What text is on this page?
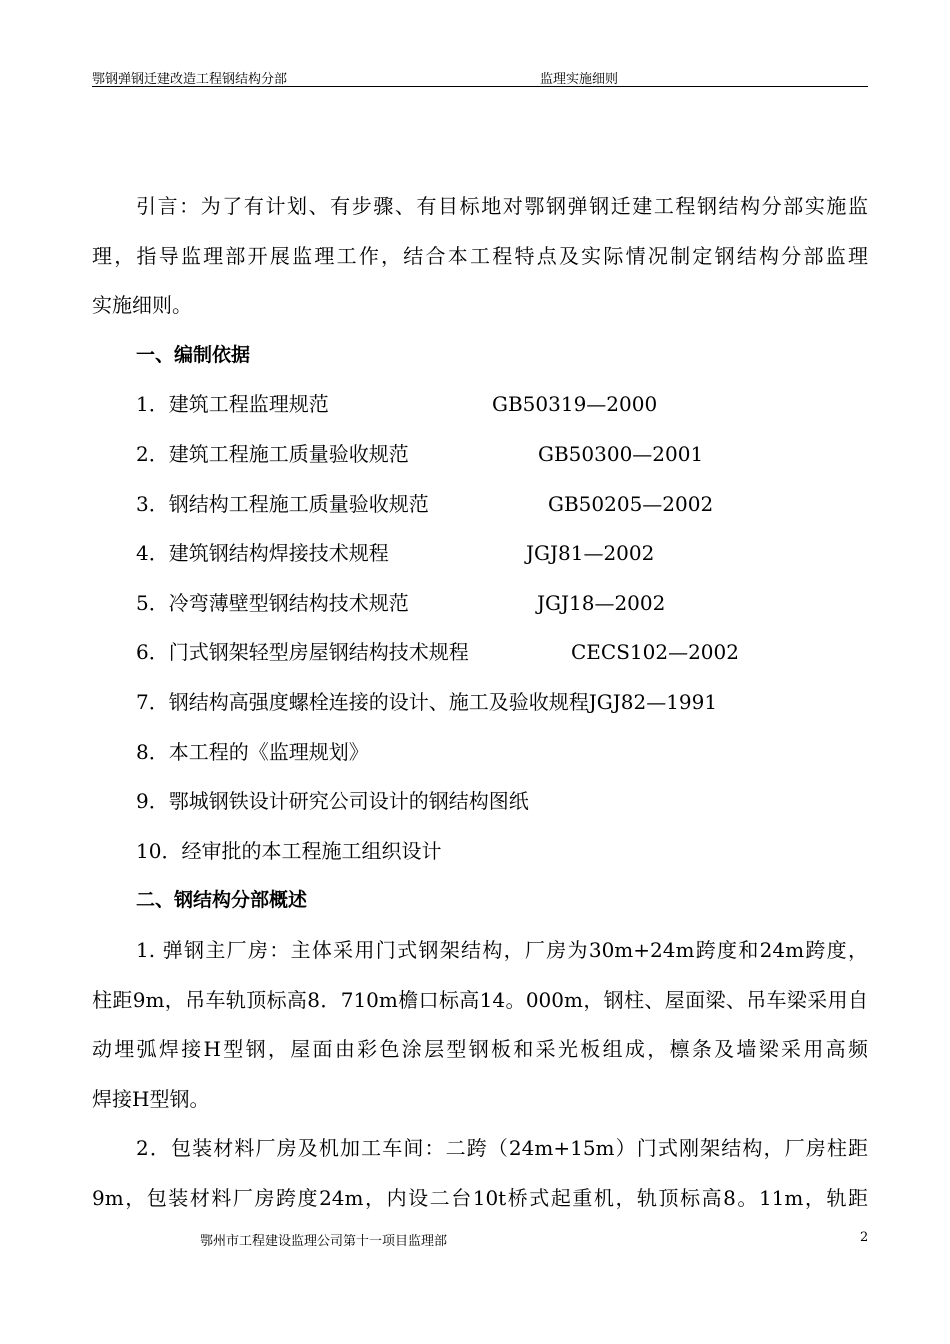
鄂钢弹钢迁建改造工程钢结构分部	监理实施细则
引言：为了有计划、有步骤、有目标地对鄂钢弹钢迁建工程钢结构分部实施监
理，指导监理部开展监理工作，结合本工程特点及实际情况制定钢结构分部监理
实施细则。
一、编制依据
1．建筑工程监理规范	GB50319—2000
2．建筑工程施工质量验收规范	GB50300—2001
3．钢结构工程施工质量验收规范	GB50205—2002
4．建筑钢结构焊接技术规程	JGJ81—2002
5．冷弯薄壁型钢结构技术规范	JGJ18—2002
6．门式钢架轻型房屋钢结构技术规程	CECS102—2002
7．钢结构高强度螺栓连接的设计、施工及验收规程JGJ82—1991
8．本工程的《监理规划》
9．鄂城钢铁设计研究公司设计的钢结构图纸
10．经审批的本工程施工组织设计
二、钢结构分部概述
1. 弹钢主厂房：主体采用门式钢架结构，厂房为30m+24m跨度和24m跨度，
柱距9m，吊车轨顶标高8．710m檐口标高14。000m，钢柱、屋面梁、吊车梁采用自
动埋弧焊接H型钢，屋面由彩色涂层型钢板和采光板组成，檩条及墙梁采用高频
焊接H型钢。
2．包装材料厂房及机加工车间：二跨（24m+15m）门式刚架结构，厂房柱距
9m，包装材料厂房跨度24m，内设二台10t桥式起重机，轨顶标高8。11m，轨距
鄂州市工程建设监理公司第十一项目监理部	2
